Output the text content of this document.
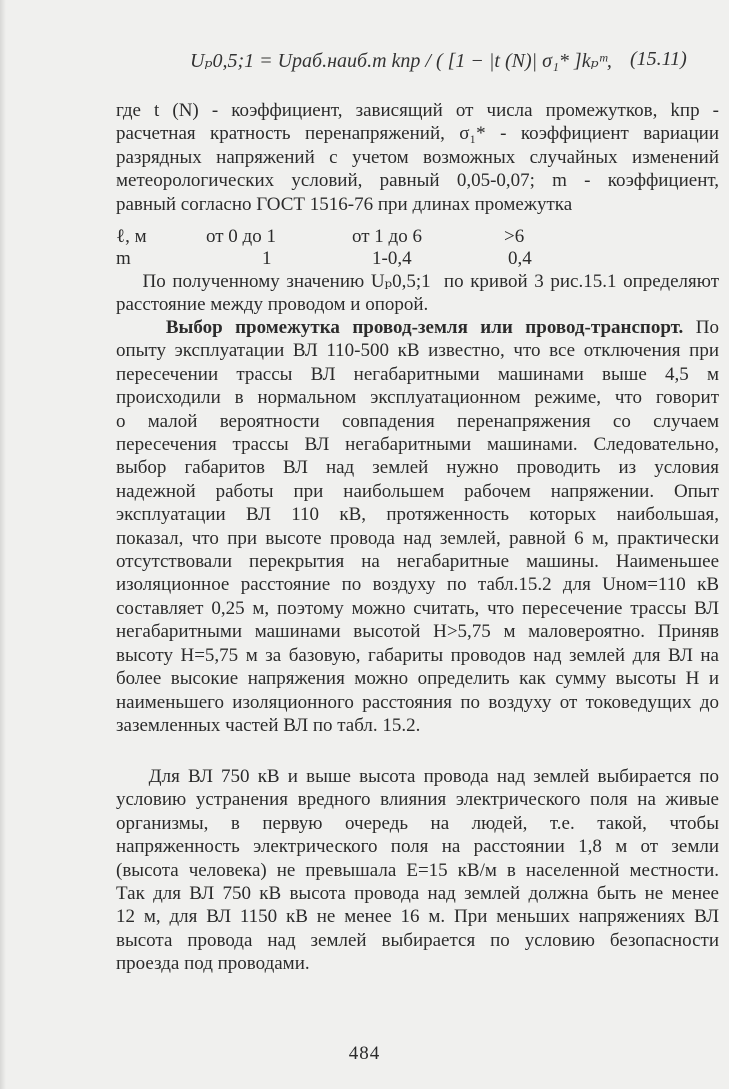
Uₚ0,5;1 = Uраб.наиб.m kпр / ( [1 − |t (N)| σ₁* ]kₚᵐ, (15.11)
где t (N) - коэффициент, зависящий от числа промежутков, kпр -
расчетная кратность перенапряжений, σ₁* - коэффициент вариации
разрядных напряжений с учетом возможных случайных изменений
метеорологических условий, равный 0,05-0,07; m - коэффициент,
равный согласно ГОСТ 1516-76 при длинах промежутка
ℓ, м	от 0 до 1	от 1 до 6	>6
m	1	1-0,4	0,4
По полученному значению Uₚ0,5;1  по кривой 3 рис.15.1 определяют
расстояние между проводом и опорой.
Выбор промежутка провод-земля или провод-транспорт. По
опыту эксплуатации ВЛ 110-500 кВ известно, что все отключения при
пересечении трассы ВЛ негабаритными машинами выше 4,5 м
происходили в нормальном эксплуатационном режиме, что говорит
о малой вероятности совпадения перенапряжения со случаем
пересечения трассы ВЛ негабаритными машинами. Следовательно,
выбор габаритов ВЛ над землей нужно проводить из условия
надежной работы при наибольшем рабочем напряжении. Опыт
эксплуатации ВЛ 110 кВ, протяженность которых наибольшая,
показал, что при высоте провода над землей, равной 6 м, практически
отсутствовали перекрытия на негабаритные машины. Наименьшее
изоляционное расстояние по воздуху по табл.15.2 для Uном=110 кВ
составляет 0,25 м, поэтому можно считать, что пересечение трассы ВЛ
негабаритными машинами высотой H>5,75 м маловероятно. Приняв
высоту H=5,75 м за базовую, габариты проводов над землей для ВЛ на
более высокие напряжения можно определить как сумму высоты H и
наименьшего изоляционного расстояния по воздуху от токоведущих до
заземленных частей ВЛ по табл. 15.2.
Для ВЛ 750 кВ и выше высота провода над землей выбирается по
условию устранения вредного влияния электрического поля на живые
организмы, в первую очередь на людей, т.е. такой, чтобы
напряженность электрического поля на расстоянии 1,8 м от земли
(высота человека) не превышала E=15 кВ/м в населенной местности.
Так для ВЛ 750 кВ высота провода над землей должна быть не менее
12 м, для ВЛ 1150 кВ не менее 16 м. При меньших напряжениях ВЛ
высота провода над землей выбирается по условию безопасности
проезда под проводами.
484
